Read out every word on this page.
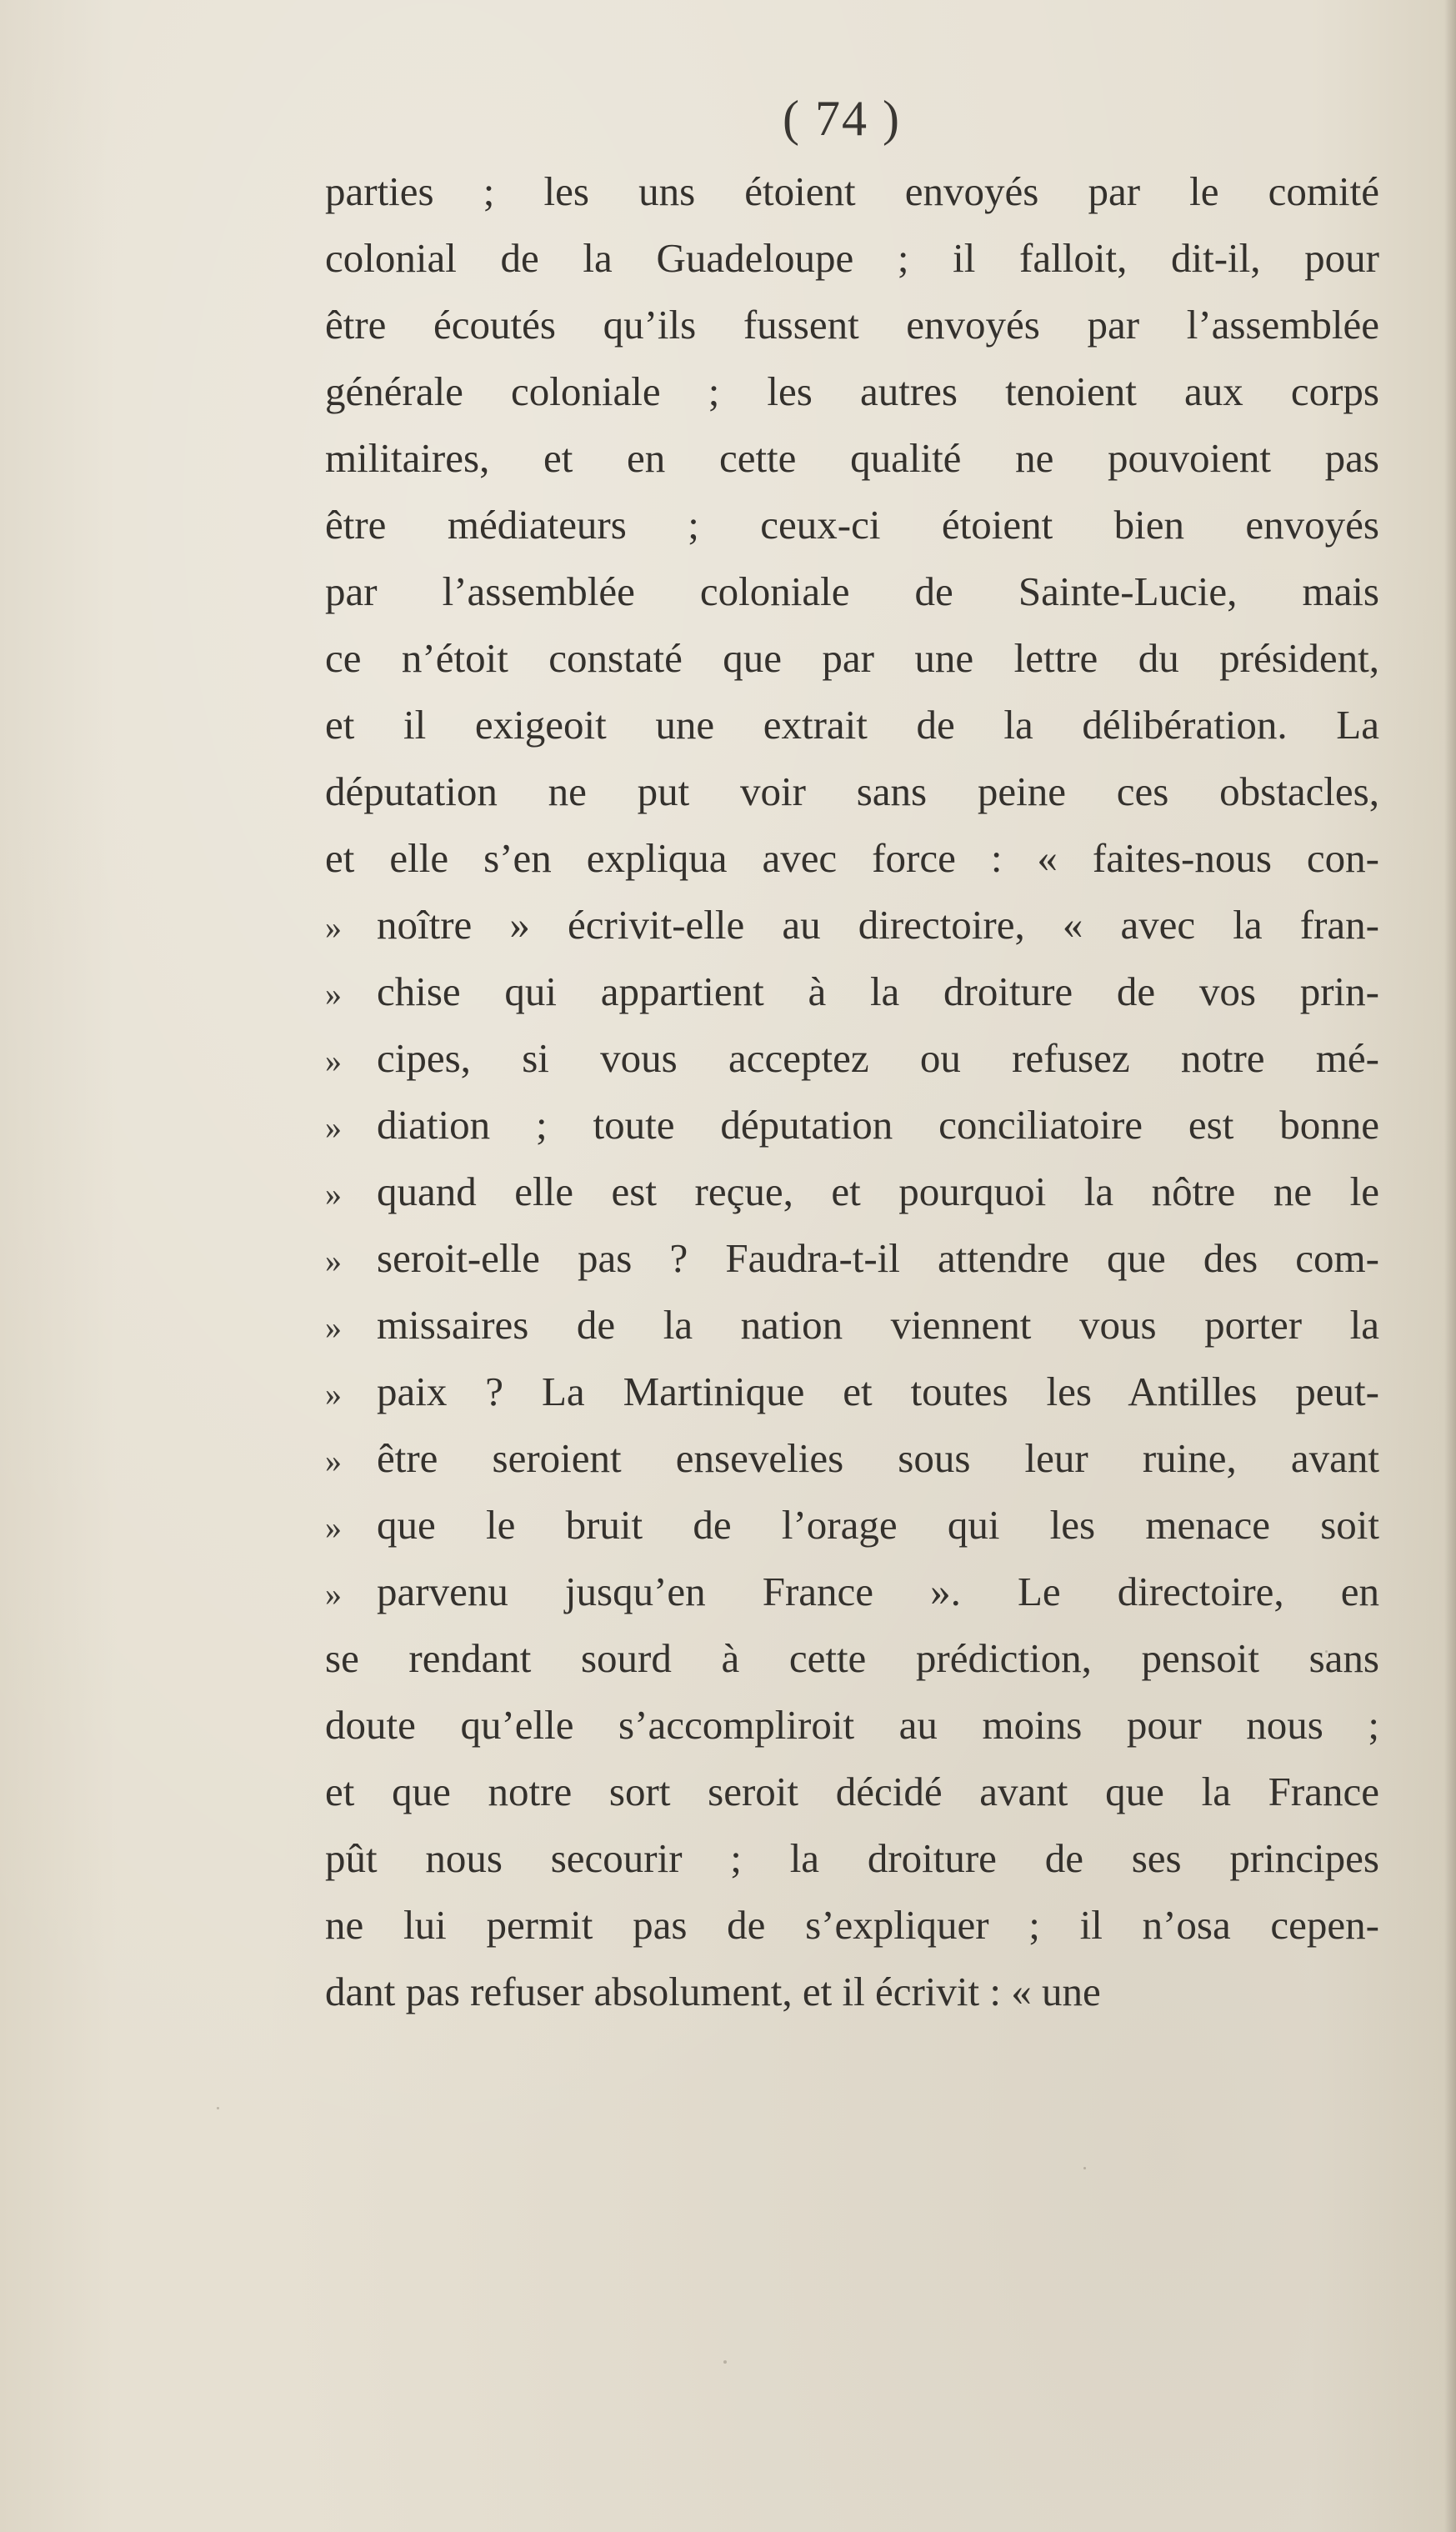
( 74 )
parties ; les uns étoient envoyés par le comité
colonial de la Guadeloupe ; il falloit, dit-il, pour
être écoutés qu’ils fussent envoyés par l’assemblée
générale coloniale ; les autres tenoient aux corps
militaires, et en cette qualité ne pouvoient pas
être médiateurs ; ceux-ci étoient bien envoyés
par l’assemblée coloniale de Sainte-Lucie, mais
ce n’étoit constaté que par une lettre du président,
et il exigeoit une extrait de la délibération. La
députation ne put voir sans peine ces obstacles,
et elle s’en expliqua avec force : « faites-nous con-
» noître » écrivit-elle au directoire, « avec la fran-
» chise qui appartient à la droiture de vos prin-
» cipes, si vous acceptez ou refusez notre mé-
» diation ; toute députation conciliatoire est bonne
» quand elle est reçue, et pourquoi la nôtre ne le
» seroit-elle pas ? Faudra-t-il attendre que des com-
» missaires de la nation viennent vous porter la
» paix ? La Martinique et toutes les Antilles peut-
» être seroient ensevelies sous leur ruine, avant
» que le bruit de l’orage qui les menace soit
» parvenu jusqu’en France ». Le directoire, en
se rendant sourd à cette prédiction, pensoit sans
doute qu’elle s’accompliroit au moins pour nous ;
et que notre sort seroit décidé avant que la France
pût nous secourir ; la droiture de ses principes
ne lui permit pas de s’expliquer ; il n’osa cepen-
dant pas refuser absolument, et il écrivit : « une
